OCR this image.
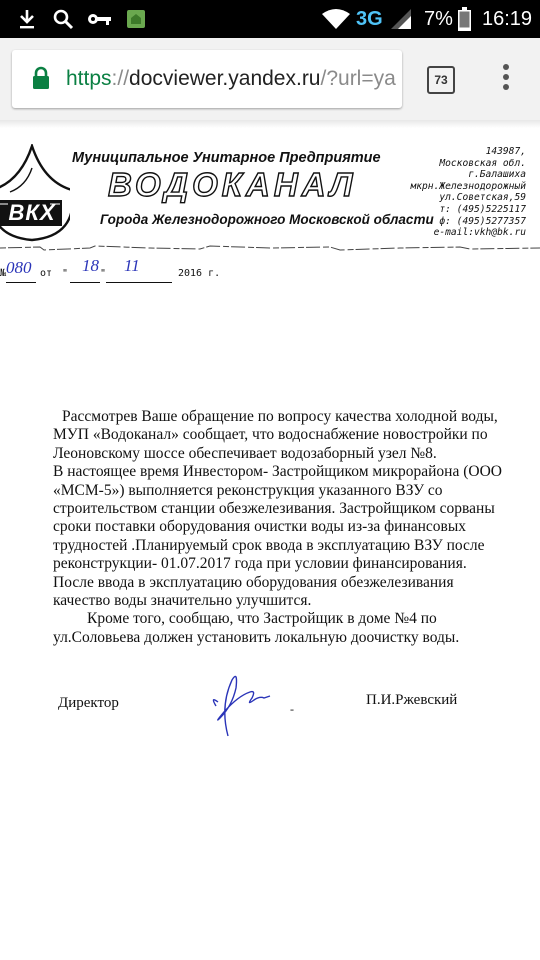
3G 7% 16:19
https://docviewer.yandex.ru/?url=ya	73
ВКХ
Муниципальное Унитарное Предприятие
ВОДОКАНАЛ
Города Железнодорожного Московской области
143987,
Московская обл.
г.Балашиха
мкрн.Железнодорожный
ул.Советская,59
т: (495)5225117
ф: (495)5277357
e-mail:vkh@bk.ru
№ 080 от " 18 " 11	2016 г.

Рассмотрев Ваше обращение по вопросу качества холодной воды, МУП «Водоканал» сообщает, что водоснабжение новостройки по Леоновскому шоссе обеспечивает водозаборный узел №8.

В настоящее время Инвестором- Застройщиком микрорайона (ООО «МСМ-5») выполняется реконструкция указанного ВЗУ со строительством станции обезжелезивания. Застройщиком сорваны сроки поставки оборудования очистки воды из-за финансовых трудностей .Планируемый срок ввода в эксплуатацию ВЗУ после реконструкции- 01.07.2017 года при условии финансирования. После ввода в эксплуатацию оборудования обезжелезивания качество воды значительно улучшится.

Кроме того, сообщаю, что Застройщик в доме №4 по ул.Соловьева должен установить локальную доочистку воды.

Директор	-
П.И.Ржевский
